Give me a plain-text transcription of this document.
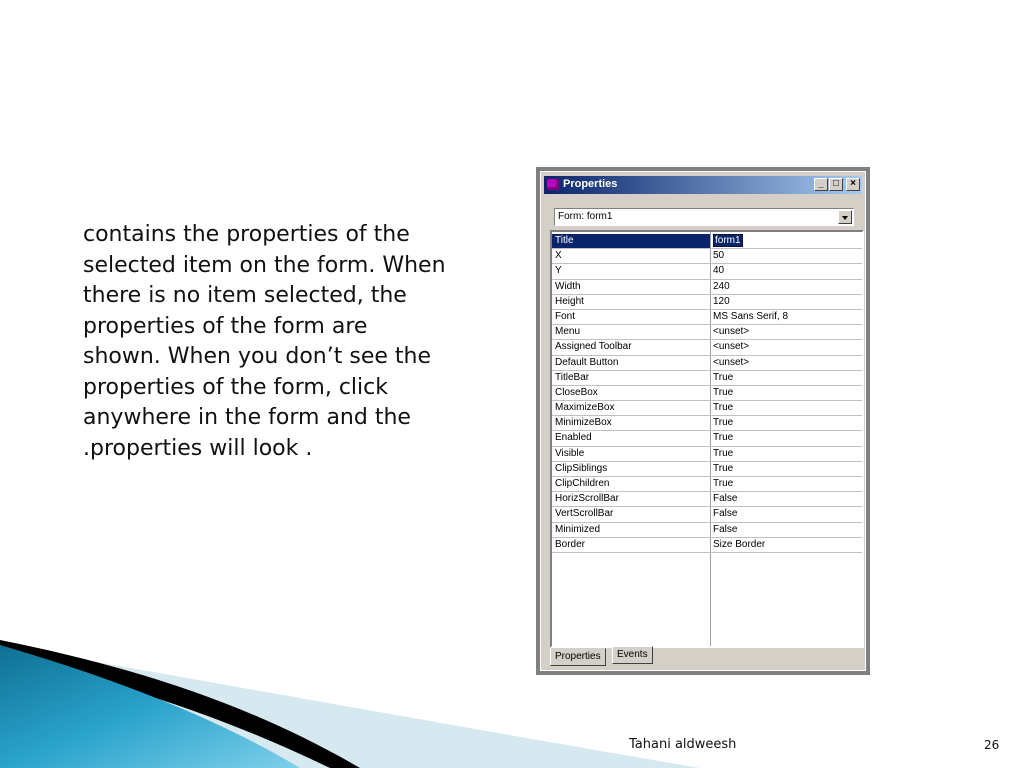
contains the properties of the
selected item on the form. When
there is no item selected, the
properties of the form are
shown. When you don’t see the
properties of the form, click
anywhere in the form and the
.properties will look .
Tahani aldweesh	26
Properties	_ □	×
Form: form1
Title	form1
X	50
Y	40
Width	240
Height	120
Font	MS Sans Serif, 8
Menu	<unset>
Assigned Toolbar	<unset>
Default Button	<unset>
TitleBar	True
CloseBox	True
MaximizeBox	True
MinimizeBox	True
Enabled	True
Visible	True
ClipSiblings	True
ClipChildren	True
HorizScrollBar	False
VertScrollBar	False
Minimized	False
Border	Size Border
Properties	Events
